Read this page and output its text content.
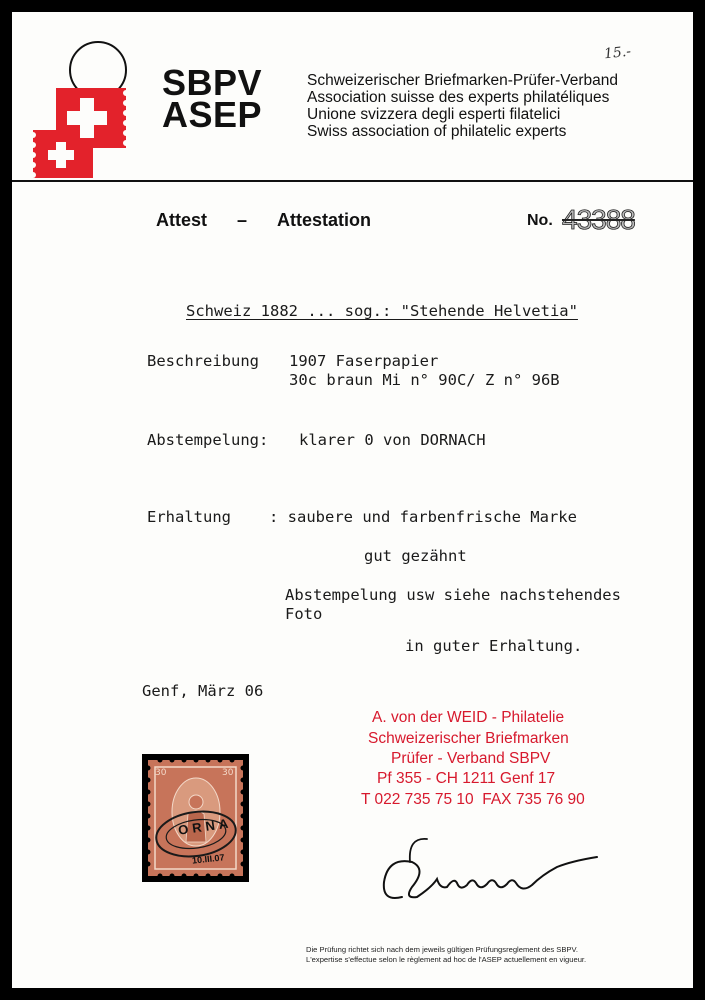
SBPV
ASEP
Schweizerischer Briefmarken-Prüfer-Verband
Association suisse des experts philatéliques
Unione svizzera degli esperti filatelici
Swiss association of philatelic experts
15.-
Attest – Attestation	No. 43388
Schweiz 1882 ... sog.: "Stehende Helvetia"
Beschreibung 1907 Faserpapier
30c braun Mi n° 90C/ Z n° 96B
Abstempelung: klarer 0 von DORNACH
Erhaltung : saubere und farbenfrische Marke
gut gezähnt
Abstempelung usw siehe nachstehendes
Foto
in guter Erhaltung.
Genf, März 06
30	30
ORNA
10.III.07
A. von der WEID - Philatelie
Schweizerischer Briefmarken
Prüfer - Verband SBPV
Pf 355 - CH 1211 Genf 17
T 022 735 75 10  FAX 735 76 90
Die Prüfung richtet sich nach dem jeweils gültigen Prüfungsreglement des SBPV.
L'expertise s'effectue selon le règlement ad hoc de l'ASEP actuellement en vigueur.
